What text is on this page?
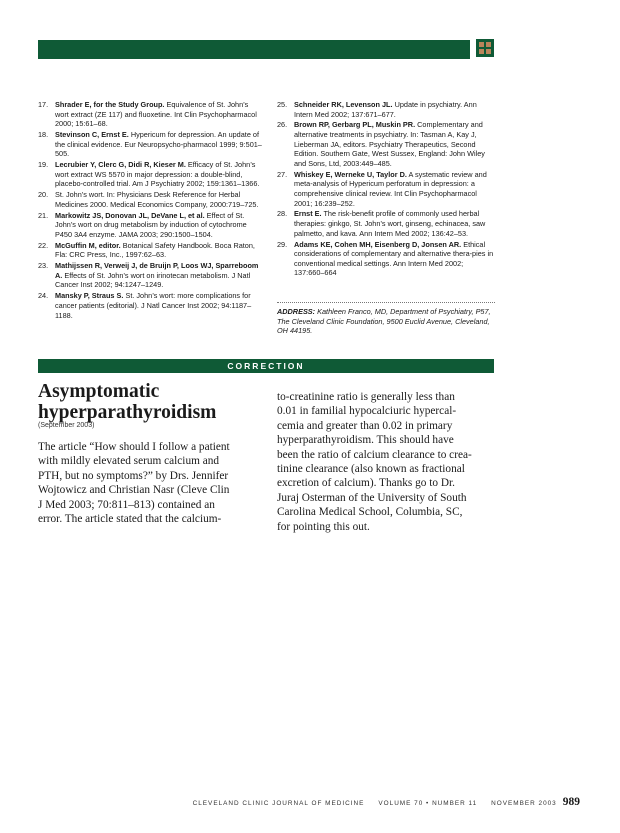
17. Shrader E, for the Study Group. Equivalence of St. John’s wort extract (ZE 117) and fluoxetine. Int Clin Psychopharmacol 2000; 15:61–68.
18. Stevinson C, Ernst E. Hypericum for depression. An update of the clinical evidence. Eur Neuropsycho-pharmacol 1999; 9:501–505.
19. Lecrubier Y, Clerc G, Didi R, Kieser M. Efficacy of St. John’s wort extract WS 5570 in major depression: a double-blind, placebo-controlled trial. Am J Psychiatry 2002; 159:1361–1366.
20. St. John’s wort. In: Physicians Desk Reference for Herbal Medicines 2000. Medical Economics Company, 2000:719–725.
21. Markowitz JS, Donovan JL, DeVane L, et al. Effect of St. John’s wort on drug metabolism by induction of cytochrome P450 3A4 enzyme. JAMA 2003; 290:1500–1504.
22. McGuffin M, editor. Botanical Safety Handbook. Boca Raton, Fla: CRC Press, Inc., 1997:62–63.
23. Mathijssen R, Verweij J, de Bruijn P, Loos WJ, Sparreboom A. Effects of St. John’s wort on irinotecan metabolism. J Natl Cancer Inst 2002; 94:1247–1249.
24. Mansky P, Straus S. St. John’s wort: more complications for cancer patients (editorial). J Natl Cancer Inst 2002; 94:1187–1188.
25. Schneider RK, Levenson JL. Update in psychiatry. Ann Intern Med 2002; 137:671–677.
26. Brown RP, Gerbarg PL, Muskin PR. Complementary and alternative treatments in psychiatry. In: Tasman A, Kay J, Lieberman JA, editors. Psychiatry Therapeutics, Second Edition. Southern Gate, West Sussex, England: John Wiley and Sons, Ltd, 2003:449–485.
27. Whiskey E, Werneke U, Taylor D. A systematic review and meta-analysis of Hypericum perforatum in depression: a comprehensive clinical review. Int Clin Psychopharmacol 2001; 16:239–252.
28. Ernst E. The risk-benefit profile of commonly used herbal therapies: ginkgo, St. John’s wort, ginseng, echinacea, saw palmetto, and kava. Ann Intern Med 2002; 136:42–53.
29. Adams KE, Cohen MH, Eisenberg D, Jonsen AR. Ethical considerations of complementary and alternative thera-pies in conventional medical settings. Ann Intern Med 2002; 137:660–664
ADDRESS: Kathleen Franco, MD, Department of Psychiatry, P57, The Cleveland Clinic Foundation, 9500 Euclid Avenue, Cleveland, OH 44195.
CORRECTION
Asymptomatic
hyperparathyroidism
(September 2003)
The article “How should I follow a patient
with mildly elevated serum calcium and
PTH, but no symptoms?” by Drs. Jennifer
Wojtowicz and Christian Nasr (Cleve Clin
J Med 2003; 70:811–813) contained an
error. The article stated that the calcium-
to-creatinine ratio is generally less than
0.01 in familial hypocalciuric hypercal-
cemia and greater than 0.02 in primary
hyperparathyroidism. This should have
been the ratio of calcium clearance to crea-
tinine clearance (also known as fractional
excretion of calcium). Thanks go to Dr.
Juraj Osterman of the University of South
Carolina Medical School, Columbia, SC,
for pointing this out.
CLEVELAND CLINIC JOURNAL OF MEDICINE VOLUME 70 • NUMBER 11 NOVEMBER 2003 989
